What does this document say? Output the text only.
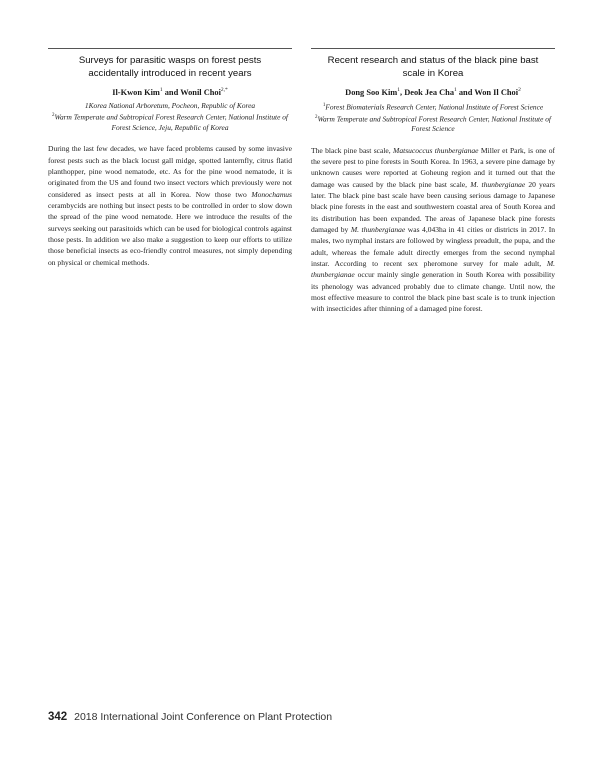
Surveys for parasitic wasps on forest pests accidentally introduced in recent years
Il-Kwon Kim$^1$ and Wonil Choi$^{2,*}$
1Korea National Arboretum, Pocheon, Republic of Korea
$^2$Warm Temperate and Subtropical Forest Research Center, National Institute of Forest Science, Jeju, Republic of Korea
During the last few decades, we have faced problems caused by some invasive forest pests such as the black locust gall midge, spotted lanternfly, citrus flatid planthopper, pine wood nematode, etc. As for the pine wood nematode, it is originated from the US and found two insect vectors which previously were not considered as insect pests at all in Korea. Now those two Monochamus cerambycids are nothing but insect pests to be controlled in order to slow down the spread of the pine wood nematode. Here we introduce the results of the surveys seeking out parasitoids which can be used for biological controls against those pests. In addition we also make a suggestion to keep our efforts to utilize those beneficial insects as eco-friendly control measures, not simply depending on physical or chemical methods.
Recent research and status of the black pine bast scale in Korea
Dong Soo Kim$^1$, Deok Jea Cha$^1$ and Won Il Choi$^2$
$^1$Forest Biomaterials Research Center, National Institute of Forest Science
$^2$Warm Temperate and Subtropical Forest Research Center, National Institute of Forest Science
The black pine bast scale, Matsucoccus thunbergianae Miller et Park, is one of the severe pest to pine forests in South Korea. In 1963, a severe pine damage by unknown causes were reported at Goheung region and it turned out that the damage was caused by the black pine bast scale, M. thunbergianae 20 years later. The black pine bast scale have been causing serious damage to Japanese black pine forests in the east and southwestern coastal area of South Korea and its distribution has been expanded. The areas of Japanese black pine forests damaged by M. thunbergianae was 4,043ha in 41 cities or districts in 2017. In males, two nymphal instars are followed by wingless preadult, the pupa, and the adult, whereas the female adult directly emerges from the second nymphal instar. According to recent sex pheromone survey for male adult, M. thunbergianae occur mainly single generation in South Korea with possibility its phenology was advanced probably due to climate change. Until now, the most effective measure to control the black pine bast scale is to trunk injection with insecticides after thinning of a damaged pine forest.
342 2018 International Joint Conference on Plant Protection
